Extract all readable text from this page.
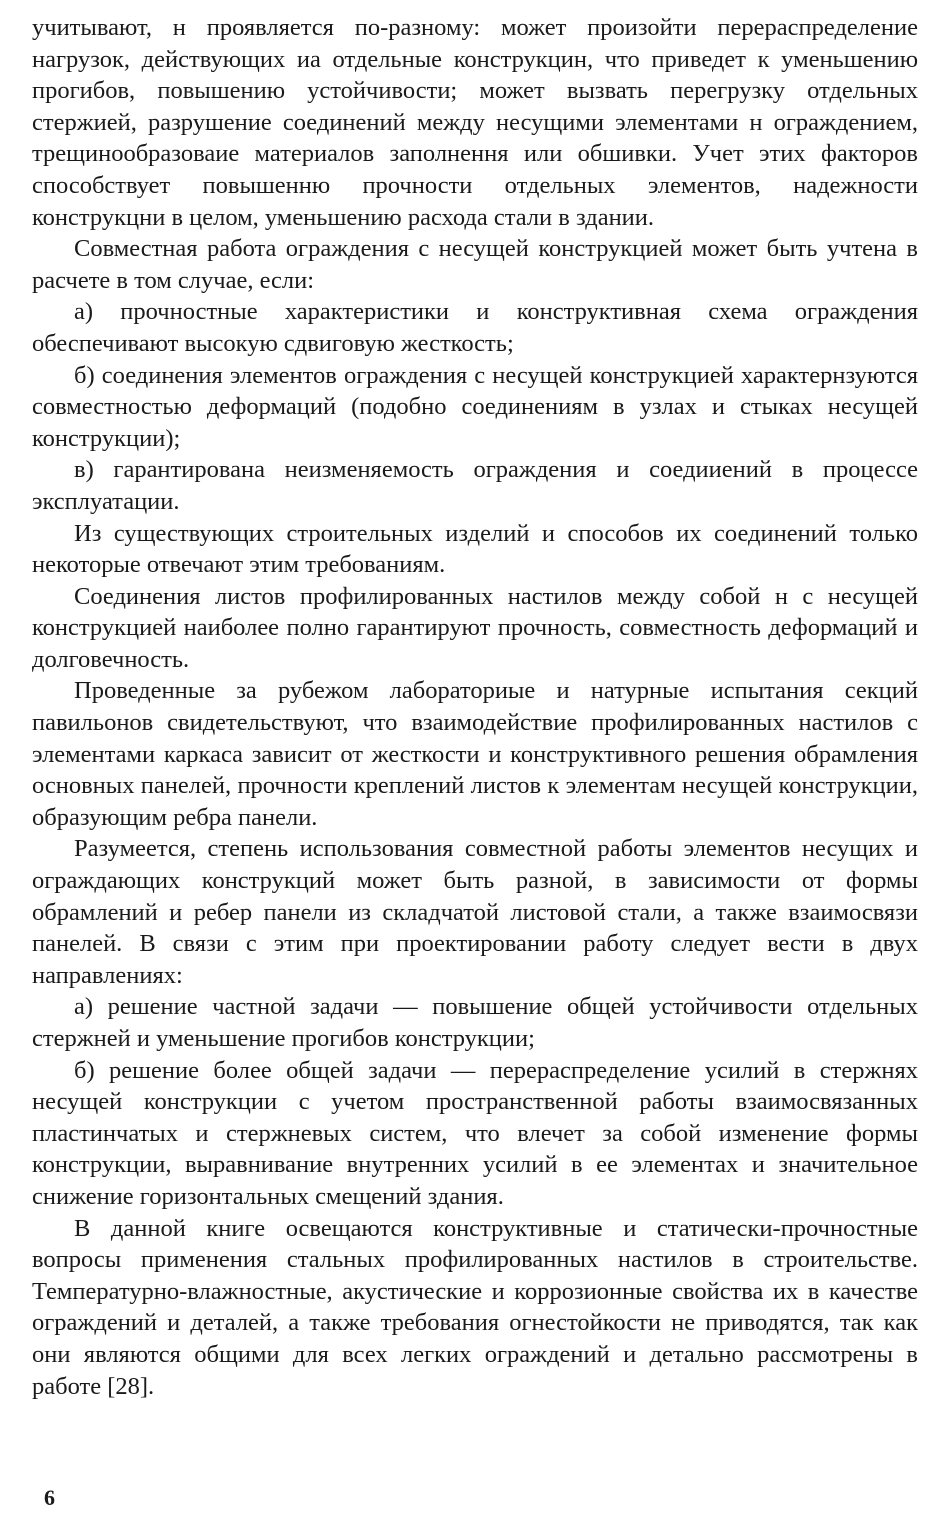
учитывают, н проявляется по-разному: может произойти перераспределение нагрузок, действующих иа отдельные конструкцин, что приведет к уменьшению прогибов, повышению устойчивости; может вызвать перегрузку отдельных стержией, разрушение соединений между несущими элементами н ограждением, трещинообразоваие материалов заполнення или обшивки. Учет этих факторов способствует повышенню прочности отдельных элементов, надежности конструкцни в целом, уменьшению расхода стали в здании.

Совместная работа ограждения с несущей конструкцией может быть учтена в расчете в том случае, если:

а) прочностные характеристики и конструктивная схема ограждения обеспечивают высокую сдвиговую жесткость;

б) соединения элементов ограждения с несущей конструкцией характернзуются совместностью деформаций (подобно соединениям в узлах и стыках несущей конструкции);

в) гарантирована неизменяемость ограждения и соедииений в процессе эксплуатации.

Из существующих строительных изделий и способов их соединений только некоторые отвечают этим требованиям.

Соединения листов профилированных настилов между собой н с несущей конструкцией наиболее полно гарантируют прочность, совместность деформаций и долговечность.

Проведенные за рубежом лабораториые и натурные испытания секций павильонов свидетельствуют, что взаимодействие профилированных настилов с элементами каркаса зависит от жесткости и конструктивного решения обрамления основных панелей, прочности креплений листов к элементам несущей конструкции, образующим ребра панели.

Разумеется, степень использования совместной работы элементов несущих и ограждающих конструкций может быть разной, в зависимости от формы обрамлений и ребер панели из складчатой листовой стали, а также взаимосвязи панелей. В связи с этим при проектировании работу следует вести в двух направлениях:

а) решение частной задачи — повышение общей устойчивости отдельных стержней и уменьшение прогибов конструкции;

б) решение более общей задачи — перераспределение усилий в стержнях несущей конструкции с учетом пространственной работы взаимосвязанных пластинчатых и стержневых систем, что влечет за собой изменение формы конструкции, выравнивание внутренних усилий в ее элементах и значительное снижение горизонтальных смещений здания.

В данной книге освещаются конструктивные и статически-прочностные вопросы применения стальных профилированных настилов в строительстве. Температурно-влажностные, акустические и коррозионные свойства их в качестве ограждений и деталей, а также требования огнестойкости не приводятся, так как они являются общими для всех легких ограждений и детально рассмотрены в работе [28].

6
